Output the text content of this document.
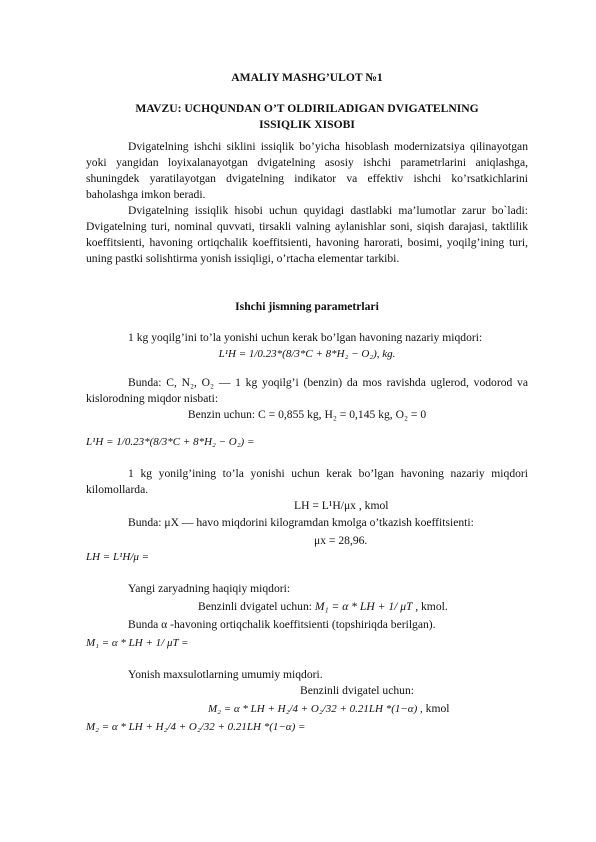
AMALIY MASHG’ULOT №1
MAVZU: UCHQUNDAN O’T OLDIRILADIGAN DVIGATELNING
ISSIQLIK XISOBI
Dvigatelning ishchi siklini issiqlik bo’yicha hisoblash modernizatsiya qilinayotgan yoki yangidan loyixalanayotgan dvigatelning asosiy ishchi parametrlarini aniqlashga, shuningdek yaratilayotgan dvigatelning indikator va effektiv ishchi ko’rsatkichlarini baholashga imkon beradi.
Dvigatelning issiqlik hisobi uchun quyidagi dastlabki ma’lumotlar zarur bo`ladi: Dvigatelning turi, nominal quvvati, tirsakli valning aylanishlar soni, siqish darajasi, taktlilik koeffitsienti, havoning ortiqchalik koeffitsienti, havoning harorati, bosimi, yoqilg’ining turi, uning pastki solishtirma yonish issiqligi, o’rtacha elementar tarkibi.
Ishchi jismning parametrlari
1 kg yoqilg’ini to’la yonishi uchun kerak bo’lgan havoning nazariy miqdori:
L¹H = 1/0.23*(8/3*C + 8*H₂ − O₂), kg.
Bunda: C, N₂, O₂ — 1 kg yoqilg’i (benzin) da mos ravishda uglerod, vodorod va kislorodning miqdor nisbati:
Benzin uchun: C = 0,855 kg, H₂ = 0,145 kg, O₂ = 0
L¹H = 1/0.23*(8/3*C + 8*H₂ − O₂) =
1 kg yonilg’ining to’la yonishi uchun kerak bo’lgan havoning nazariy miqdori kilomollarda.
LH = L¹H/μx , kmol
Bunda: μX — havo miqdorini kilogramdan kmolga o’tkazish koeffitsienti:
μx = 28,96.
LH = L¹H/μ =
Yangi zaryadning haqiqiy miqdori:
Benzinli dvigatel uchun: M₁ = α * LH + 1/ μT , kmol.
Bunda α -havoning ortiqchalik koeffitsienti (topshiriqda berilgan).
M₁ = α * LH + 1/ μT =
Yonish maxsulotlarning umumiy miqdori.
Benzinli dvigatel uchun:
M₂ = α * LH + H₂/4 + O₂/32 + 0.21LH *(1−α) , kmol
M₂ = α * LH + H₂/4 + O₂/32 + 0.21LH *(1−α) =
